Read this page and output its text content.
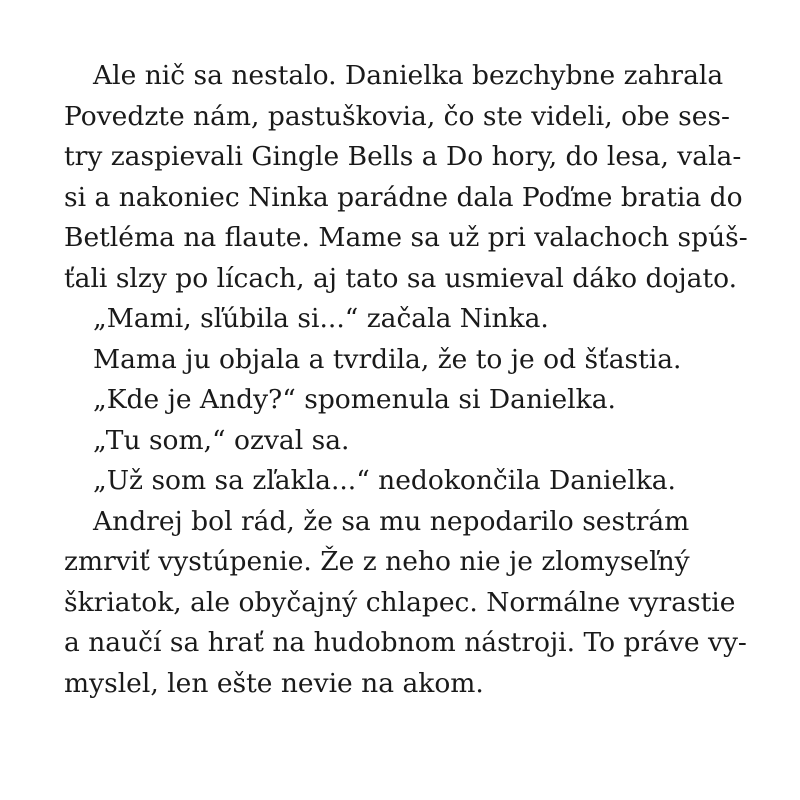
Ale nič sa nestalo. Danielka bezchybne zahrala
Povedzte nám, pastuškovia, čo ste videli, obe ses-
try zaspievali Gingle Bells a Do hory, do lesa, vala-
si a nakoniec Ninka parádne dala Poďme bratia do
Betléma na flaute. Mame sa už pri valachoch spúš-
ťali slzy po lícach, aj tato sa usmieval dáko dojato.
„Mami, sľúbila si...“ začala Ninka.
Mama ju objala a tvrdila, že to je od šťastia.
„Kde je Andy?“ spomenula si Danielka.
„Tu som,“ ozval sa.
„Už som sa zľakla...“ nedokončila Danielka.
Andrej bol rád, že sa mu nepodarilo sestrám
zmrviť vystúpenie. Že z neho nie je zlomyseľný
škriatok, ale obyčajný chlapec. Normálne vyrastie
a naučí sa hrať na hudobnom nástroji. To práve vy-
myslel, len ešte nevie na akom.
